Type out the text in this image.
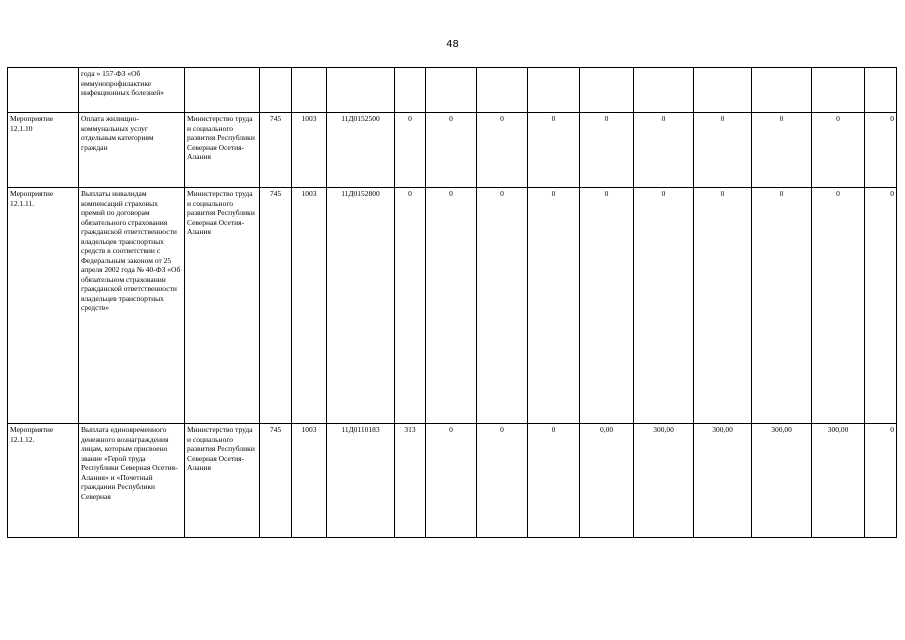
48
	года » 157-ФЗ «Об иммунопрофилактике инфекционных болезней»														
Мероприятие 12.1.10	Оплата жилищно-коммунальных услуг отдельным категориям граждан	Министерство труда и социального развития Республики Северная Осетия-Алания	745	1003	11Д0152500	0	0	0	0	0	0	0	0	0	0
Мероприятие 12.1.11.	Выплаты инвалидам компенсаций страховых премий по договорам обязательного страхования гражданской ответственности владельцев транспортных средств в соответствии с Федеральным законом от 25 апреля 2002 года № 40-ФЗ «Об обязательном страховании гражданской ответственности владельцев транспортных средств»	Министерство труда и социального развития Республики Северная Осетия-Алания	745	1003	11Д0152800	0	0	0	0	0	0	0	0	0	0
Мероприятие 12.1.12.	Выплата единовременного денежного вознаграждения лицам, которым присвоено звание «Герой труда Республики Северная Осетия-Алания» и «Почетный гражданин Республики Северная	Министерство труда и социального развития Республики Северная Осетия-Алания	745	1003	11Д0110183	313	0	0	0	0,00	300,00	300,00	300,00	300,00	0
